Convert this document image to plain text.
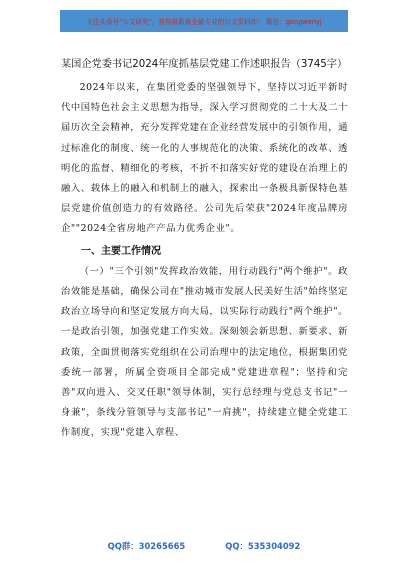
关注头条号"公文研究"，获得最新最全最专业的公文资料库！ 微信：gongwenyj

某国企党委书记2024年度抓基层党建工作述职报告（3745字）

2024年以来，在集团党委的坚强领导下，坚持以习近平新时代中国特色社会主义思想为指导，深入学习贯彻党的二十大及二十届历次全会精神，充分发挥党建在企业经营发展中的引领作用，通过标准化的制度、统一化的人事规范化的决策、系统化的改革、透明化的监督、精细化的考核，不折不扣落实好党的建设在治理上的融入、载体上的融入和机制上的融入，探索出一条极具新保特色基层党建价值创造力的有效路径。公司先后荣获"2024年度品牌房企""2024全省房地产产品力优秀企业"。

一、主要工作情况

（一）"三个引领"发挥政治效能，用行动践行"两个维护"。政治效能是基础，确保公司在"推动城市发展人民美好生活"始终坚定政治立场导向和坚定发展方向大局，以实际行动践行"两个维护"。一是政治引领，加强党建工作实效。深刻领会新思想、新要求、新政策，全面贯彻落实党组织在公司治理中的法定地位，根据集团党委统一部署，所属全资项目全部完成"党建进章程"；坚持和完善"双向进入、交叉任职"领导体制，实行总经理与党总支书记"一身兼"，条线分管领导与支部书记"一肩挑"，持续建立健全党建工作制度，实现"党建入章程、

QQ群：30265665	QQ：535304092
